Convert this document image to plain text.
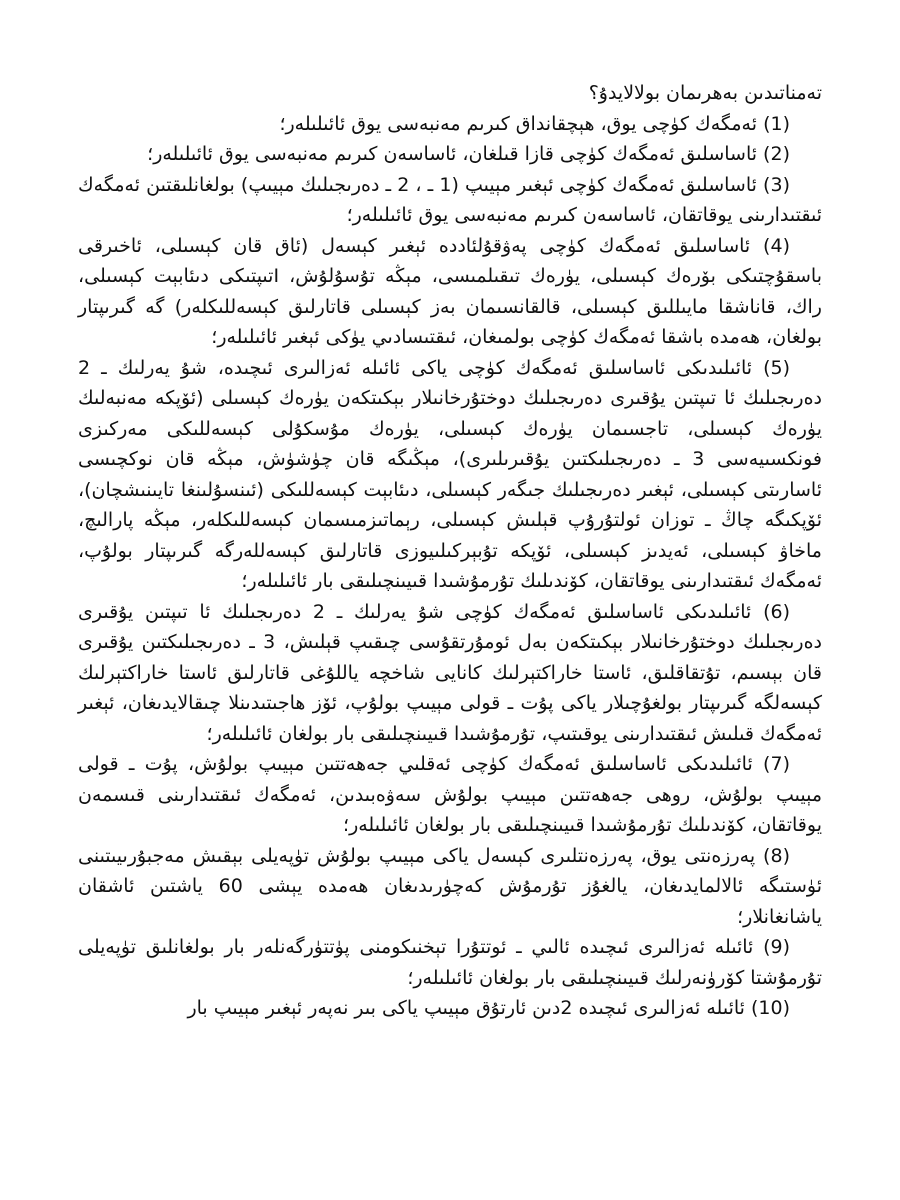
تەمناتىدىن بەھرىمان بولالايدۇ؟

(1) ئەمگەك كۈچى يوق، ھېچقانداق كىرىم مەنبەسى يوق ئائىلىلەر؛

(2) ئاساسلىق ئەمگەك كۈچى قازا قىلغان، ئاساسەن كىرىم مەنبەسى يوق ئائىلىلەر؛

(3) ئاساسلىق ئەمگەك كۈچى ئېغىر مېيىپ (1 ـ ، 2 ـ دەرىجىلىك مېيىپ) بولغانلىقتىن ئەمگەك ئىقتىدارىنى يوقاتقان، ئاساسەن كىرىم مەنبەسى يوق ئائىلىلەر؛

(4) ئاساسلىق ئەمگەك كۈچى پەۋقۇلئاددە ئېغىر كېسەل (ئاق قان كېسىلى، ئاخىرقى باسقۇچتىكى بۆرەك كېسىلى، يۈرەك تىقىلمىسى، مېڭە تۇسۇلۇش، Iتىپتىكى دىئابېت كېسىلى، راك، قاناشقا مايىللىق كېسىلى، قالقانسىمان بەز كېسىلى قاتارلىق كېسەللىكلەر) گە گىرىپتار بولغان، ھەمدە باشقا ئەمگەك كۈچى بولمىغان، ئىقتىسادىي يۈكى ئېغىر ئائىلىلەر؛

(5) ئائىلىدىكى ئاساسلىق ئەمگەك كۈچى ياكى ئائىلە ئەزالىرى ئىچىدە، شۇ يەرلىك ـ 2 دەرىجىلىك ئا تىپتىن يۇقىرى دەرىجىلىك دوختۇرخانىلار بېكىتكەن يۈرەك كېسىلى (ئۆپكە مەنبەلىك يۈرەك كېسىلى، تاجسىمان يۈرەك كېسىلى، يۈرەك مۇسكۇلى كېسەللىكى مەركىزى فونكسىيەسى 3 ـ دەرىجىلىكتىن يۇقىرىلىرى)، مېڭىگە قان چۈشۈش، مېڭە قان نوكچىسى ئاسارىتى كېسىلى، ئېغىر دەرىجىلىك جىگەر كېسىلى، دىئابېت كېسەللىكى (ئىنسۇلىنغا تايىنىشچان)، ئۆپكىگە چاڭ ـ توزان ئولتۇرۇپ قېلىش كېسىلى، رېماتىزمىسمان كېسەللىكلەر، مېڭە پارالىچ، ماخاۋ كېسىلى، ئەيدىز كېسىلى، ئۆپكە تۇبېركىلىيوزى قاتارلىق كېسەللەرگە گىرىپتار بولۇپ، ئەمگەك ئىقتىدارىنى يوقاتقان، كۆندىلىك تۇرمۇشىدا قىيىنچىلىقى بار ئائىلىلەر؛

(6) ئائىلىدىكى ئاساسلىق ئەمگەك كۈچى شۇ يەرلىك ـ 2 دەرىجىلىك ئا تىپتىن يۇقىرى دەرىجىلىك دوختۇرخانىلار بېكىتكەن بەل ئومۇرتقۇسى چىقىپ قېلىش، 3 ـ دەرىجىلىكتىن يۇقىرى قان بېسىم، تۇتقاقلىق، ئاستا خاراكتېرلىك كانايى شاخچە ياللۇغى قاتارلىق ئاستا خاراكتېرلىك كېسەلگە گىرىپتار بولغۇچىلار ياكى پۇت ـ قولى مېيىپ بولۇپ، ئۆز ھاجىتىدىنلا چىقالايدىغان، ئېغىر ئەمگەك قىلىش ئىقتىدارىنى يوقىتىپ، تۇرمۇشىدا قىيىنچىلىقى بار بولغان ئائىلىلەر؛

(7) ئائىلىدىكى ئاساسلىق ئەمگەك كۈچى ئەقلىي جەھەتتىن مېيىپ بولۇش، پۇت ـ قولى مېيىپ بولۇش، روھى جەھەتتىن مېيىپ بولۇش سەۋەبىدىن، ئەمگەك ئىقتىدارىنى قىسمەن يوقاتقان، كۆندىلىك تۇرمۇشىدا قىيىنچىلىقى بار بولغان ئائىلىلەر؛

(8) پەرزەنتى يوق، پەرزەنتلىرى كېسەل ياكى مېيىپ بولۇش تۈپەيلى بېقىش مەجبۇرىيىتىنى ئۈستىگە ئالالمايدىغان، يالغۇز تۇرمۇش كەچۈرىدىغان ھەمدە يېشى 60 ياشتىن ئاشقان ياشانغانلار؛

(9) ئائىلە ئەزالىرى ئىچىدە ئالىي ـ ئوتتۇرا تېخنىكومنى پۈتتۈرگەنلەر بار بولغانلىق تۈپەيلى تۇرمۇشتا كۆرۈنەرلىك قىيىنچىلىقى بار بولغان ئائىلىلەر؛

(10) ئائىلە ئەزالىرى ئىچىدە 2دىن ئارتۇق مېيىپ ياكى بىر نەپەر ئېغىر مېيىپ بار
